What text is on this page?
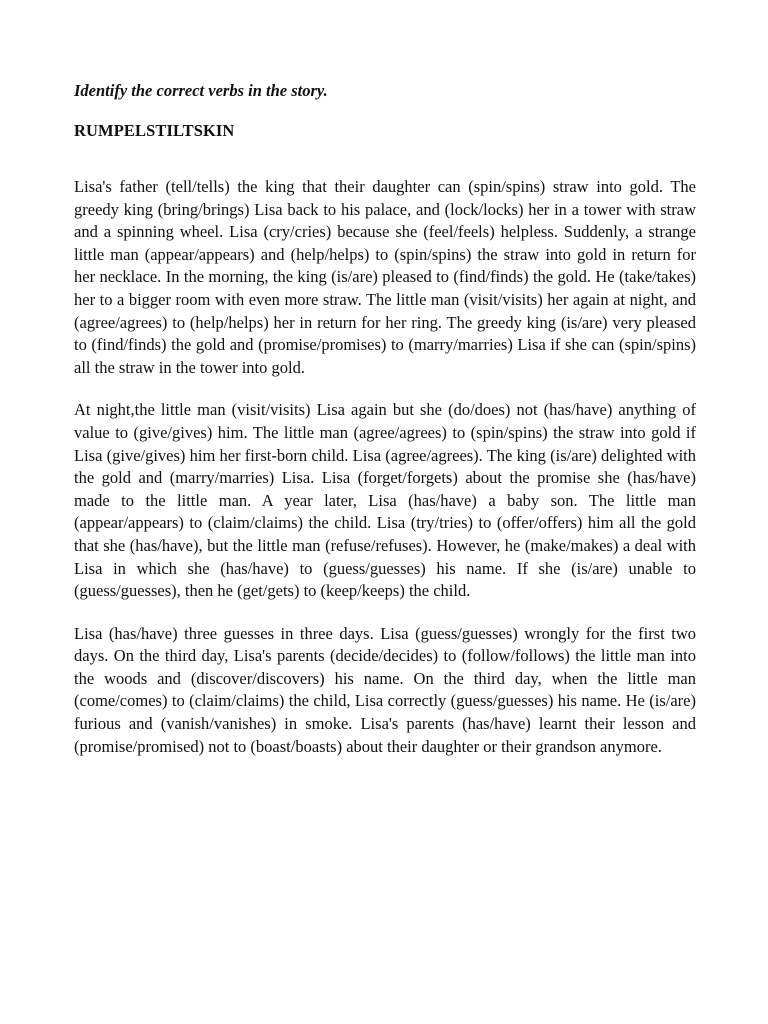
Identify the correct verbs in the story.

RUMPELSTILTSKIN

Lisa's father (tell/tells) the king that their daughter can (spin/spins) straw into gold. The greedy king (bring/brings) Lisa back to his palace, and (lock/locks) her in a tower with straw and a spinning wheel. Lisa (cry/cries) because she (feel/feels) helpless. Suddenly, a strange little man (appear/appears) and (help/helps) to (spin/spins) the straw into gold in return for her necklace. In the morning, the king (is/are) pleased to (find/finds) the gold. He (take/takes) her to a bigger room with even more straw. The little man (visit/visits) her again at night, and (agree/agrees) to (help/helps) her in return for her ring. The greedy king (is/are) very pleased to (find/finds) the gold and (promise/promises) to (marry/marries) Lisa if she can (spin/spins) all the straw in the tower into gold.

At night,the little man (visit/visits) Lisa again but she (do/does) not (has/have) anything of value to (give/gives) him. The little man (agree/agrees) to (spin/spins) the straw into gold if Lisa (give/gives) him her first-born child. Lisa (agree/agrees). The king (is/are) delighted with the gold and (marry/marries) Lisa. Lisa (forget/forgets) about the promise she (has/have) made to the little man. A year later, Lisa (has/have) a baby son. The little man (appear/appears) to (claim/claims) the child. Lisa (try/tries) to (offer/offers) him all the gold that she (has/have), but the little man (refuse/refuses). However, he (make/makes) a deal with Lisa in which she (has/have) to (guess/guesses) his name. If she (is/are) unable to (guess/guesses), then he (get/gets) to (keep/keeps) the child.

Lisa (has/have) three guesses in three days. Lisa (guess/guesses) wrongly for the first two days. On the third day, Lisa's parents (decide/decides) to (follow/follows) the little man into the woods and (discover/discovers) his name. On the third day, when the little man (come/comes) to (claim/claims) the child, Lisa correctly (guess/guesses) his name. He (is/are) furious and (vanish/vanishes) in smoke. Lisa's parents (has/have) learnt their lesson and (promise/promised) not to (boast/boasts) about their daughter or their grandson anymore.
